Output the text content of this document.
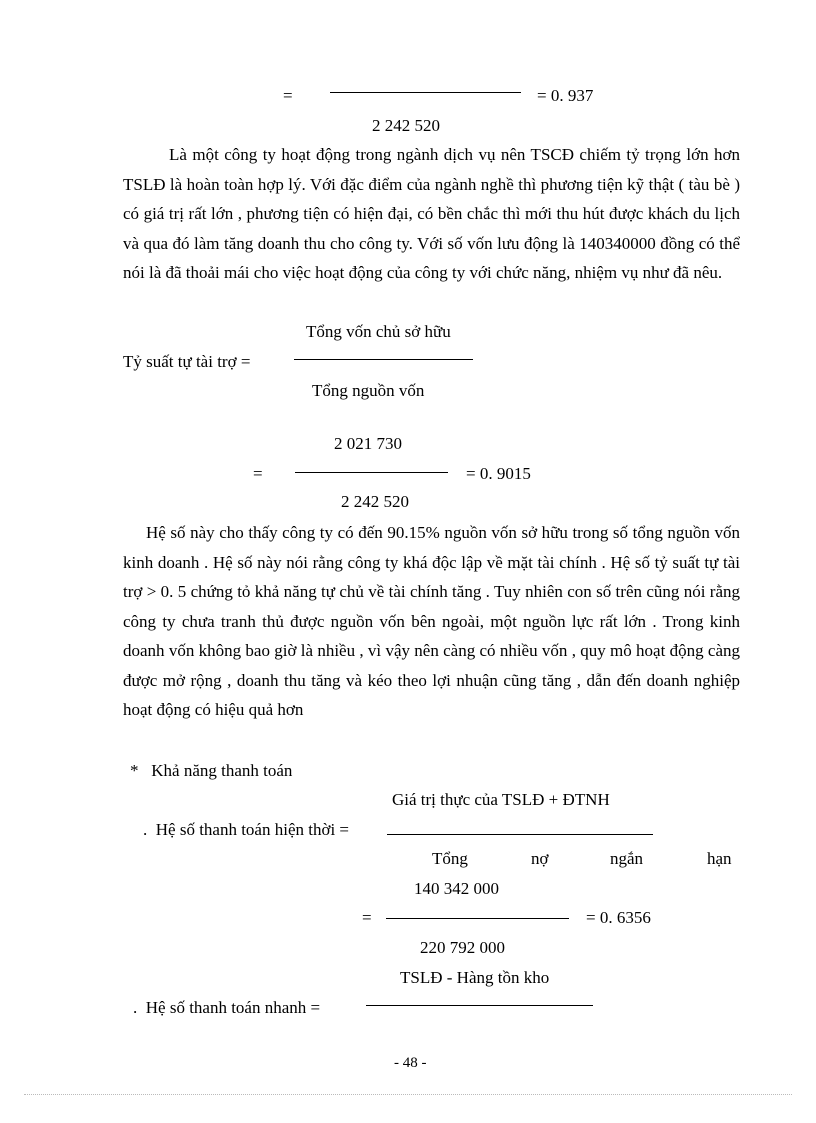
=	= 0. 937
2 242 520
Là một công ty hoạt động trong ngành dịch vụ nên TSCĐ chiếm tỷ trọng lớn hơn TSLĐ là hoàn toàn hợp lý. Với đặc điểm của ngành nghề thì phương tiện kỹ thật ( tàu bè ) có giá trị rất lớn , phương tiện có hiện đại, có bền chắc thì mới thu hút được khách du lịch và qua đó làm tăng doanh thu cho công ty. Với số vốn lưu động là 140340000 đồng có thể nói là đã thoải mái cho việc hoạt động của công ty với chức năng, nhiệm vụ như đã nêu.
Tổng vốn chủ sở hữu
Tỷ suất tự tài trợ =
Tổng nguồn vốn
2 021 730
=	= 0. 9015
2 242 520
Hệ số này cho thấy công ty có đến 90.15% nguồn vốn sở hữu trong số tổng nguồn vốn kinh doanh . Hệ số này nói rằng công ty khá độc lập về mặt tài chính . Hệ số tỷ suất tự tài trợ > 0. 5 chứng tỏ khả năng tự chủ về tài chính tăng . Tuy nhiên con số trên cũng nói rằng công ty chưa tranh thủ được nguồn vốn bên ngoài, một nguồn lực rất lớn . Trong kinh doanh vốn không bao giờ là nhiều , vì vậy nên càng có nhiều vốn , quy mô hoạt động càng được mở rộng , doanh thu tăng và kéo theo lợi nhuận cũng tăng , dẫn đến doanh nghiệp hoạt động có hiệu quả hơn
*   Khả năng thanh toán
Giá trị thực của TSLĐ + ĐTNH
.  Hệ số thanh toán hiện thời =
Tổng	nợ	ngắn	hạn
140 342 000
=	= 0. 6356
220 792 000
TSLĐ - Hàng tồn kho
.  Hệ số thanh toán nhanh =
- 48 -
